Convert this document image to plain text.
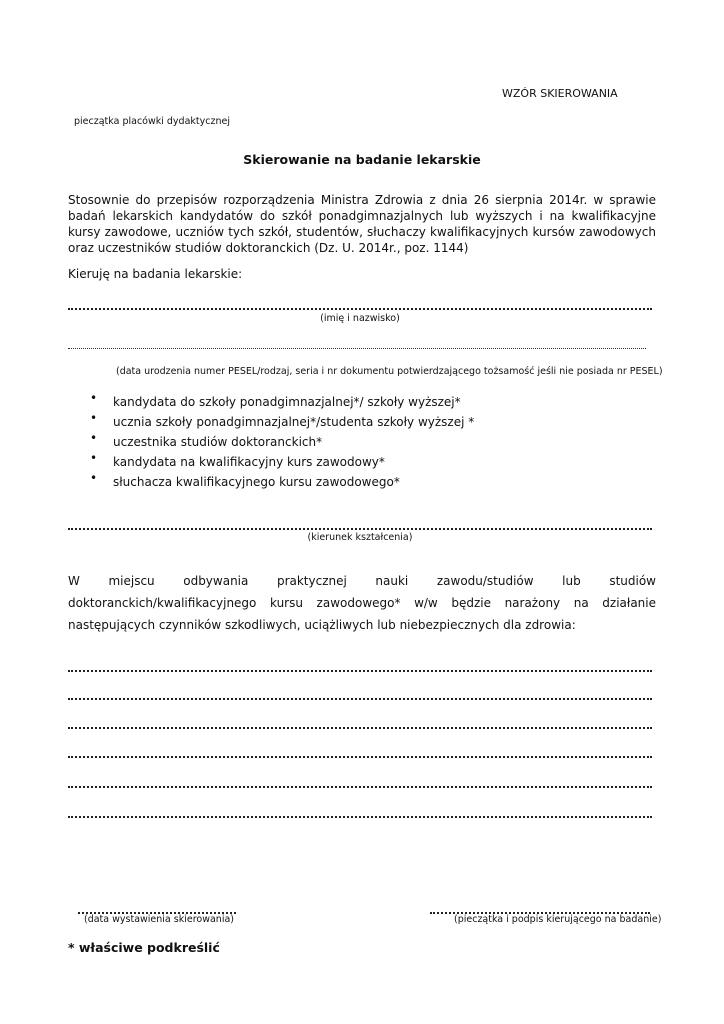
WZÓR SKIEROWANIA
pieczątka placówki dydaktycznej
Skierowanie na badanie lekarskie
Stosownie do przepisów rozporządzenia Ministra Zdrowia z dnia 26 sierpnia 2014r. w sprawie badań lekarskich kandydatów do szkół ponadgimnazjalnych lub wyższych i na kwalifikacyjne kursy zawodowe, uczniów tych szkół, studentów, słuchaczy kwalifikacyjnych kursów zawodowych oraz uczestników studiów doktoranckich (Dz. U. 2014r., poz. 1144)
Kieruję na badania lekarskie:
(imię i nazwisko)
(data urodzenia numer PESEL/rodzaj, seria i nr dokumentu potwierdzającego tożsamość jeśli nie posiada nr PESEL)
• kandydata do szkoły ponadgimnazjalnej*/ szkoły wyższej*
• ucznia szkoły ponadgimnazjalnej*/studenta szkoły wyższej *
• uczestnika studiów doktoranckich*
• kandydata na kwalifikacyjny kurs zawodowy*
• słuchacza kwalifikacyjnego kursu zawodowego*
(kierunek kształcenia)
W miejscu odbywania praktycznej nauki zawodu/studiów lub studiów doktoranckich/kwalifikacyjnego kursu zawodowego* w/w będzie narażony na działanie następujących czynników szkodliwych, uciążliwych lub niebezpiecznych dla zdrowia:
(data wystawienia skierowania)	(pieczątka i podpis kierującego na badanie)
* właściwe podkreślić
